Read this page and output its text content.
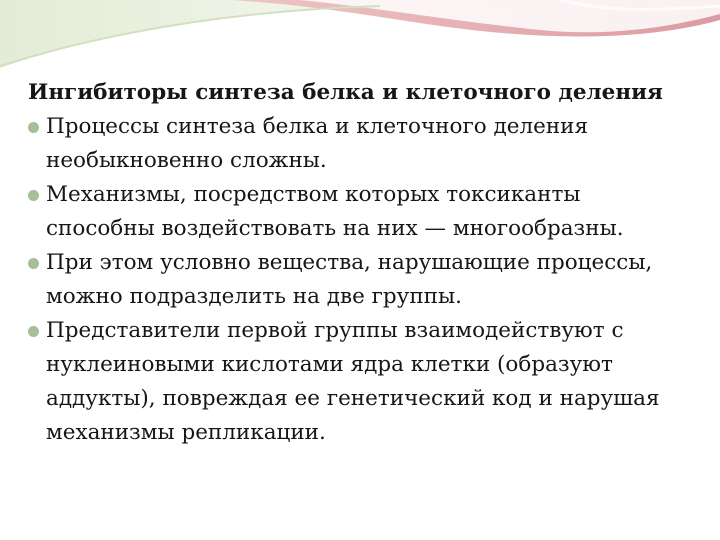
Ингибиторы синтеза белка и клеточного деления
Процессы синтеза белка и клеточного деления
необыкновенно сложны.
Механизмы, посредством которых токсиканты
способны воздействовать на них — многообразны.
При этом условно вещества, нарушающие процессы,
можно подразделить на две группы.
Представители первой группы взаимодействуют с
нуклеиновыми кислотами ядра клетки (образуют
аддукты), повреждая ее генетический код и нарушая
механизмы репликации.
